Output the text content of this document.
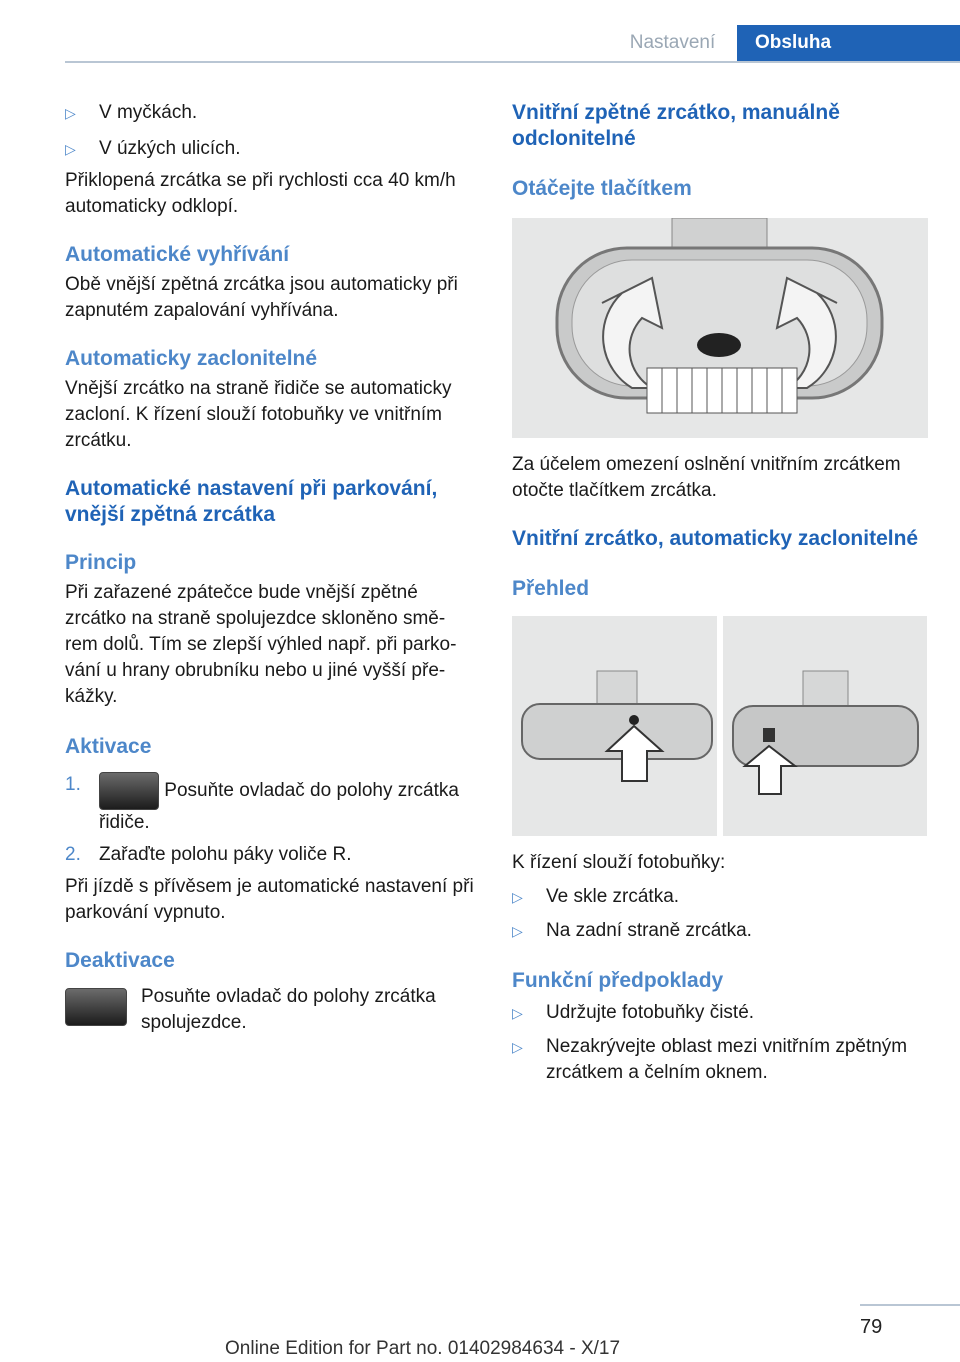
Nastavení	Obsluha
▷ V myčkách.
▷ V úzkých ulicích.

Přiklopená zrcátka se při rychlosti cca 40 km/h automaticky odklopí.

Automatické vyhřívání

Obě vnější zpětná zrcátka jsou automaticky při zapnutém zapalování vyhřívána.

Automaticky zaclonitelné

Vnější zrcátko na straně řidiče se automaticky zacloní. K řízení slouží fotobuňky ve vnitřním zrcátku.

Automatické nastavení při parkování, vnější zpětná zrcátka

Princip

Při zařazené zpátečce bude vnější zpětné zrcátko na straně spolujezdce skloněno smě‐ rem dolů. Tím se zlepší výhled např. při parko‐ vání u hrany obrubníku nebo u jiné vyšší pře‐ kážky.

Aktivace

1.	Posuňte ovladač do polohy zrcátka řidiče.
2. Zařaďte polohu páky voliče R.

Při jízdě s přívěsem je automatické nastavení při parkování vypnuto.

Deaktivace

Posuňte ovladač do polohy zrcátka spolujezdce.

Vnitřní zpětné zrcátko, manuálně odclonitelné

Otáčejte tlačítkem

Za účelem omezení oslnění vnitřním zrcátkem otočte tlačítkem zrcátka.

Vnitřní zrcátko, automaticky zaclonitelné

Přehled

K řízení slouží fotobuňky:

▷ Ve skle zrcátka.
▷ Na zadní straně zrcátka.

Funkční předpoklady

▷ Udržujte fotobuňky čisté.
▷ Nezakrývejte oblast mezi vnitřním zpětným zrcátkem a čelním oknem.
79
Online Edition for Part no. 01402984634 - X/17
